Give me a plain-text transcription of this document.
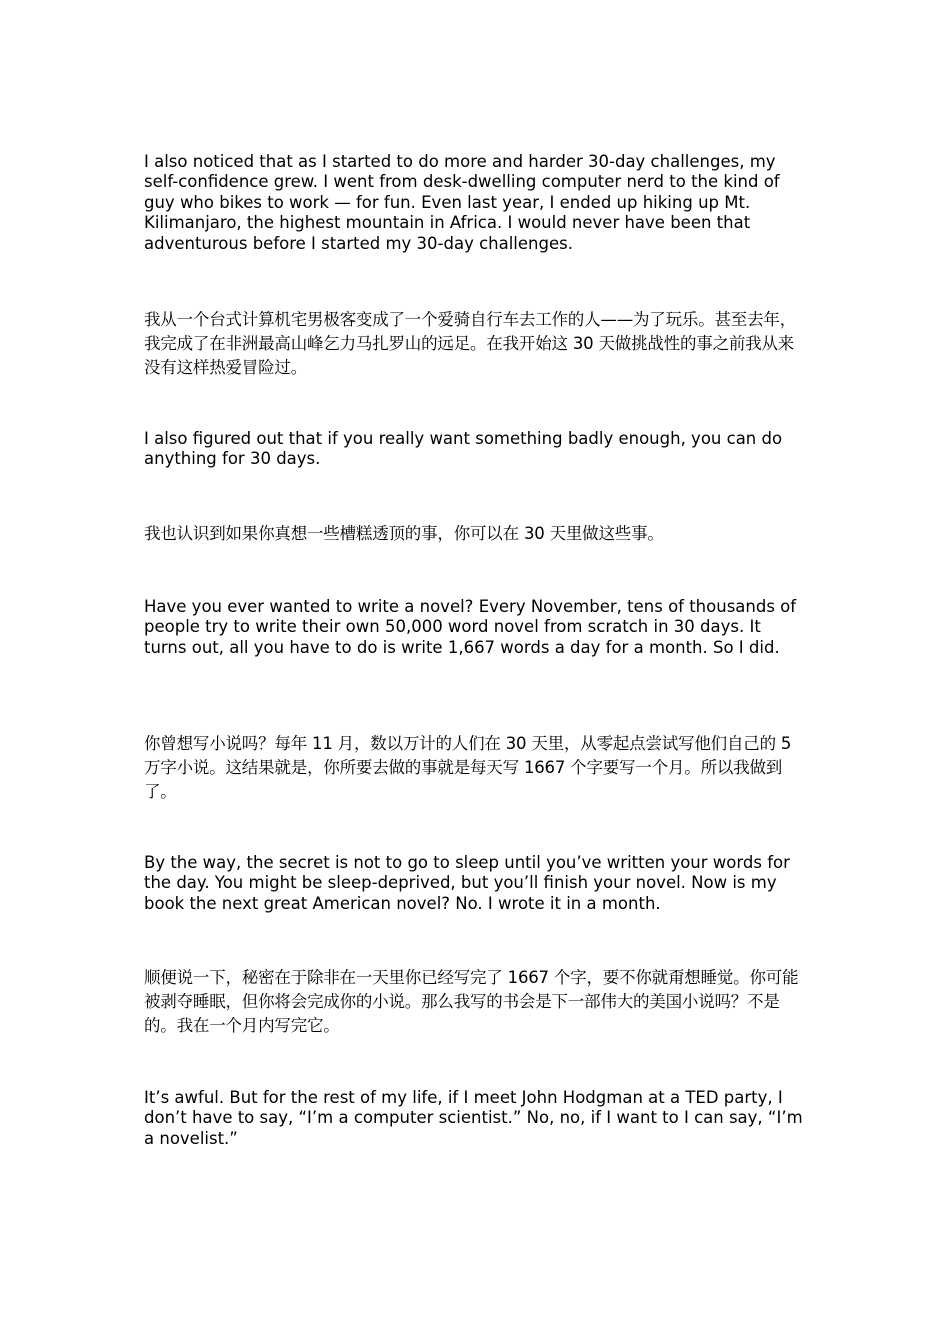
I also noticed that as I started to do more and harder 30-day challenges, my self-confidence grew. I went from desk-dwelling computer nerd to the kind of guy who bikes to work — for fun. Even last year, I ended up hiking up Mt. Kilimanjaro, the highest mountain in Africa. I would never have been that adventurous before I started my 30-day challenges.

我从一个台式计算机宅男极客变成了一个爱骑自行车去工作的人——为了玩乐。甚至去年，我完成了在非洲最高山峰乞力马扎罗山的远足。在我开始这 30 天做挑战性的事之前我从来没有这样热爱冒险过。

I also figured out that if you really want something badly enough, you can do anything for 30 days.

我也认识到如果你真想一些槽糕透顶的事，你可以在 30 天里做这些事。

Have you ever wanted to write a novel? Every November, tens of thousands of people try to write their own 50,000 word novel from scratch in 30 days. It turns out, all you have to do is write 1,667 words a day for a month. So I did.

你曾想写小说吗？每年 11 月，数以万计的人们在 30 天里，从零起点尝试写他们自己的 5 万字小说。这结果就是，你所要去做的事就是每天写 1667 个字要写一个月。所以我做到了。

By the way, the secret is not to go to sleep until you’ve written your words for the day. You might be sleep-deprived, but you’ll finish your novel. Now is my book the next great American novel? No. I wrote it in a month.

顺便说一下，秘密在于除非在一天里你已经写完了 1667 个字，要不你就甭想睡觉。你可能被剥夺睡眠，但你将会完成你的小说。那么我写的书会是下一部伟大的美国小说吗？不是的。我在一个月内写完它。

It’s awful. But for the rest of my life, if I meet John Hodgman at a TED party, I don’t have to say, “I’m a computer scientist.” No, no, if I want to I can say, “I’m a novelist.”
